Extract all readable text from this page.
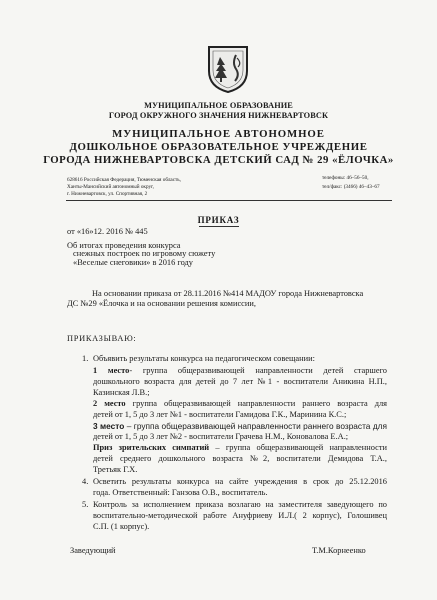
МУНИЦИПАЛЬНОЕ ОБРАЗОВАНИЕ
ГОРОД ОКРУЖНОГО ЗНАЧЕНИЯ НИЖНЕВАРТОВСК
МУНИЦИПАЛЬНОЕ АВТОНОМНОЕ
ДОШКОЛЬНОЕ ОБРАЗОВАТЕЛЬНОЕ УЧРЕЖДЕНИЕ
ГОРОДА НИЖНЕВАРТОВСКА ДЕТСКИЙ САД № 29 «ЁЛОЧКА»
628616 Российская Федерация, Тюменская область,
Ханты-Мансийский автономный округ,
г. Нижневартовск, ул. Спортивная, 2
телефоны: 46–56–50,
тел/факс: (3466) 46–43–67
ПРИКАЗ
от «16»12. 2016 № 445
Об итогах проведения конкурса
снежных построек по игровому сюжету
«Веселые снеговики» в 2016 году
На основании приказа от 28.11.2016 №414 МАДОУ города Нижневартовска
ДС №29 «Ёлочка и на основании решения комиссии,
ПРИКАЗЫВАЮ:
1. Объявить результаты конкурса на педагогическом совещании:
1 место- группа общеразвивающей направленности детей старшего
дошкольного возраста для детей до 7 лет №1 - воспитатели Аникина Н.П.,
Казинская Л.В.;
2 место группа общеразвивающей направленности раннего возраста для
детей от 1, 5 до 3 лет №1 - воспитатели Гамидова Г.К., Маринина К.С.;
3 место – группа общеразвивающей направленности раннего возраста для
детей от 1, 5 до 3 лет №2 - воспитатели Грачева Н.М., Коновалова Е.А.;
Приз зрительских симпатий – группа общеразвивающей направленности
детей среднего дошкольного возраста №2, воспитатели Демидова Т.А.,
Третьяк Г.Х.
4. Осветить результаты конкурса на сайте учреждения в срок до 25.12.2016
года. Ответственный: Ганзова О.В., воспитатель.
5. Контроль за исполнением приказа возлагаю на заместителя заведующего по
воспитательно-методической работе Ануфриеву И.Л.( 2 корпус), Голошивец
С.П. (1 корпус).
Заведующий	Т.М.Корнеенко
